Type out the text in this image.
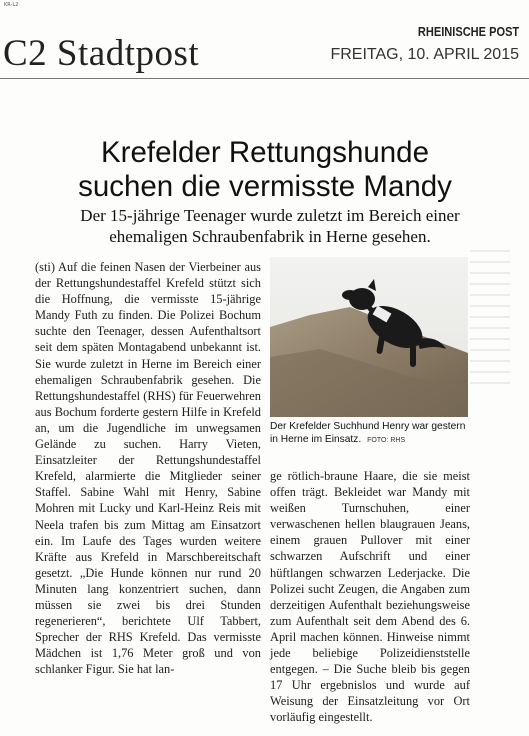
KR-L2
C2 Stadtpost
RHEINISCHE POST
FREITAG, 10. APRIL 2015
Krefelder Rettungshunde
suchen die vermisste Mandy
Der 15-jährige Teenager wurde zuletzt im Bereich einer ehemaligen Schraubenfabrik in Herne gesehen.
(sti) Auf die feinen Nasen der Vierbeiner aus der Rettungshundestaffel Krefeld stützt sich die Hoffnung, die vermisste 15-jährige Mandy Futh zu finden. Die Polizei Bochum suchte den Teenager, dessen Aufenthaltsort seit dem späten Montagabend unbekannt ist. Sie wurde zuletzt in Herne im Bereich einer ehemaligen Schraubenfabrik gesehen. Die Rettungshundestaffel (RHS) für Feuerwehren aus Bochum forderte gestern Hilfe in Krefeld an, um die Jugendliche im unwegsamen Gelände zu suchen. Harry Vieten, Einsatzleiter der Rettungshundestaffel Krefeld, alarmierte die Mitglieder seiner Staffel. Sabine Wahl mit Henry, Sabine Mohren mit Lucky und Karl-Heinz Reis mit Neela trafen bis zum Mittag am Einsatzort ein. Im Laufe des Tages wurden weitere Kräfte aus Krefeld in Marschbereitschaft gesetzt. „Die Hunde können nur rund 20 Minuten lang konzentriert suchen, dann müssen sie zwei bis drei Stunden regenerieren“, berichtete Ulf Tabbert, Sprecher der RHS Krefeld. Das vermisste Mädchen ist 1,76 Meter groß und von schlanker Figur. Sie hat lan-
Der Krefelder Suchhund Henry war gestern in Herne im Einsatz. FOTO: RHS
ge rötlich-braune Haare, die sie meist offen trägt. Bekleidet war Mandy mit weißen Turnschuhen, einer verwaschenen hellen blaugrauen Jeans, einem grauen Pullover mit einer schwarzen Aufschrift und einer hüftlangen schwarzen Lederjacke. Die Polizei sucht Zeugen, die Angaben zum derzeitigen Aufenthalt beziehungsweise zum Aufenthalt seit dem Abend des 6. April machen können. Hinweise nimmt jede beliebige Polizeidienststelle entgegen. – Die Suche bleib bis gegen 17 Uhr ergebnislos und wurde auf Weisung der Einsatzleitung vor Ort vorläufig eingestellt.
